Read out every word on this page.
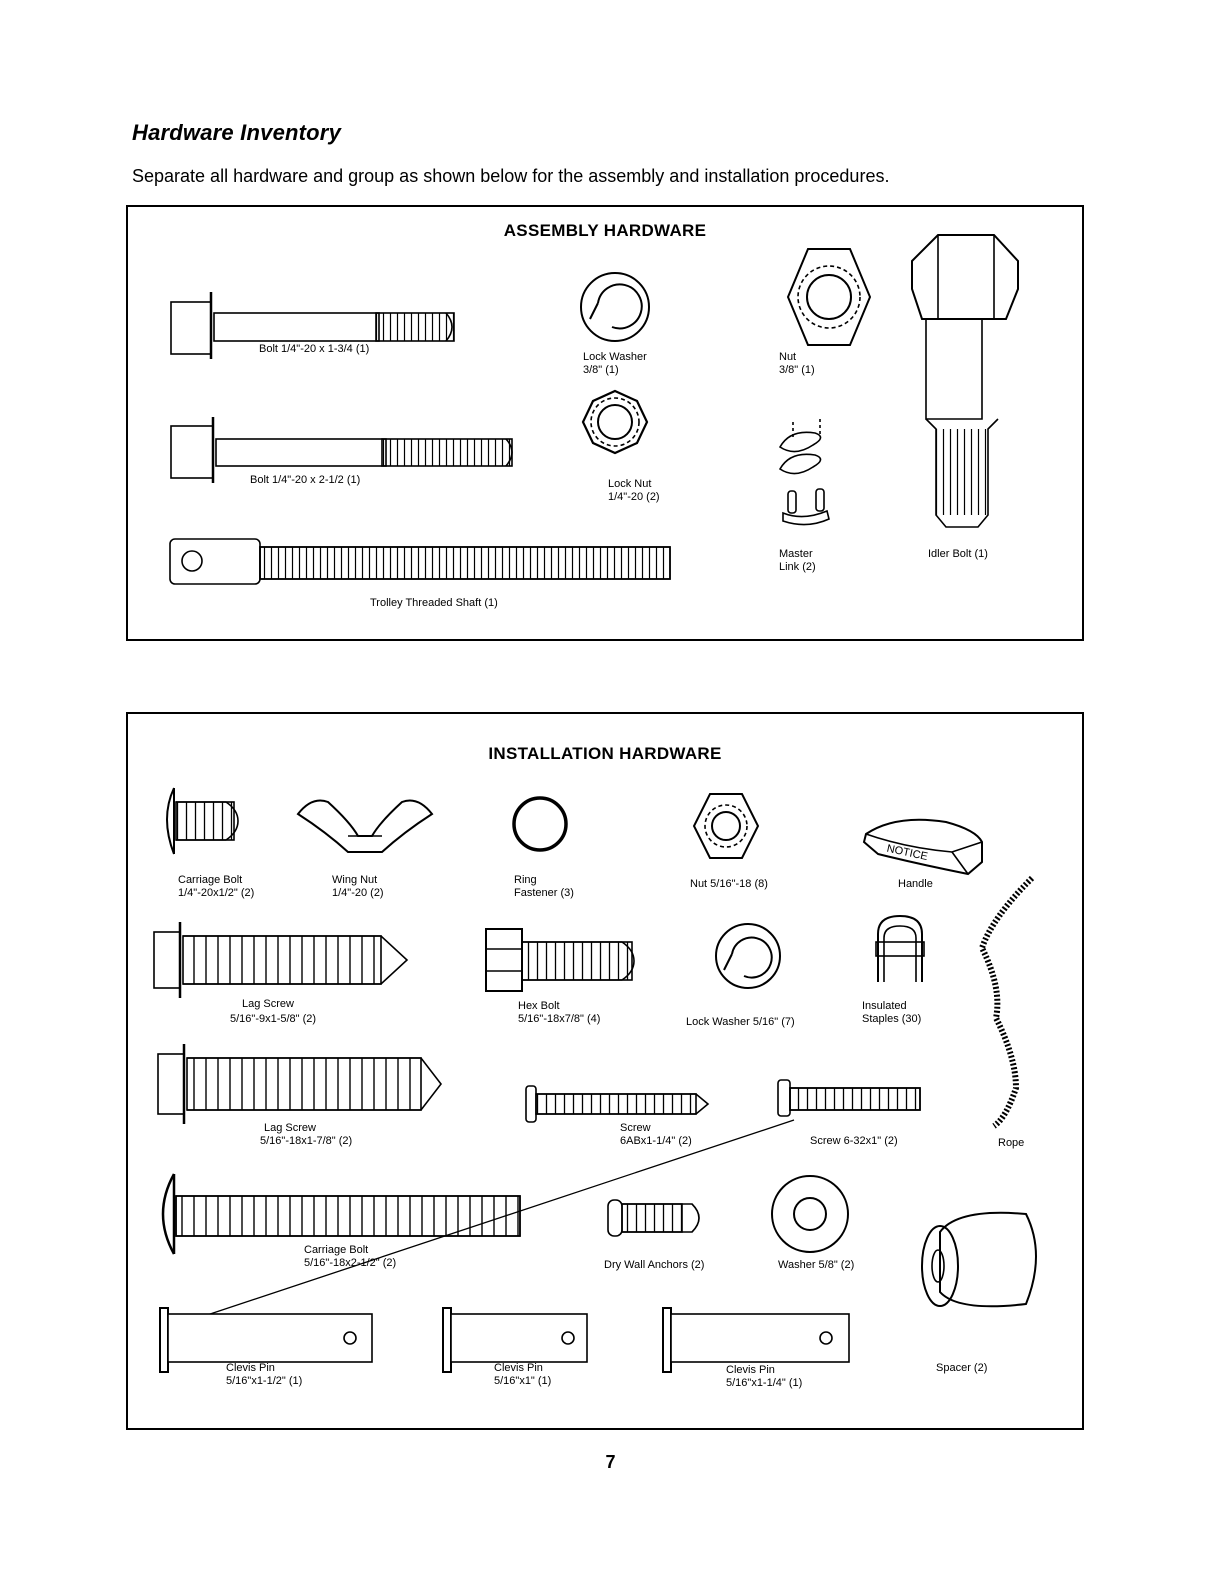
Hardware Inventory

Separate all hardware and group as shown below for the assembly and installation procedures.

ASSEMBLY HARDWARE
Bolt 1/4"-20 x 1-3/4 (1)
Bolt 1/4"-20 x 2-1/2 (1)
Trolley Threaded Shaft (1)
Lock Washer
3/8" (1)
Lock Nut
1/4"-20 (2)
Nut
3/8" (1)
Master
Link (2)
Idler Bolt (1)
INSTALLATION HARDWARE
NOTICE
Carriage Bolt
1/4"-20x1/2" (2)
Wing Nut
1/4"-20 (2)
Ring
Fastener (3)
Nut 5/16"-18 (8)	Handle
Lag Screw
5/16"-9x1-5/8" (2)
Hex Bolt
5/16"-18x7/8" (4)	Lock Washer 5/16" (7)
Insulated
Staples (30)
Lag Screw
5/16"-18x1-7/8" (2)
Screw
6ABx1-1/4" (2)	Screw 6-32x1" (2)	Rope
Carriage Bolt
5/16"-18x2-1/2" (2)	Dry Wall Anchors (2)	Washer 5/8" (2)
Spacer (2)
Clevis Pin
5/16"x1-1/2" (1)
Clevis Pin
5/16"x1" (1)
Clevis Pin
5/16"x1-1/4" (1)

7
